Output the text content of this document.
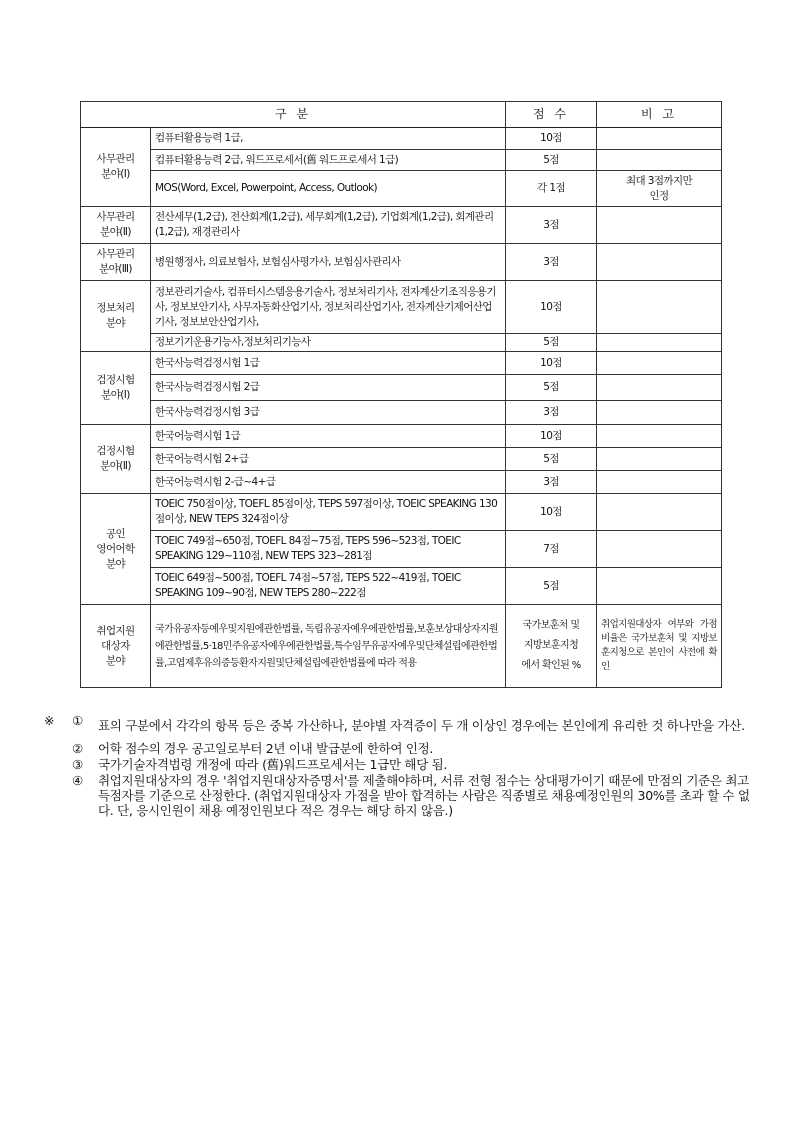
구 분		점 수	비 고

사무관리
분야(Ⅰ)	컴퓨터활용능력 1급,	10점	
	컴퓨터활용능력 2급, 워드프로세서(舊 워드프로세서 1급)	5점	
	MOS(Word, Excel, Powerpoint, Access, Outlook)	각 1점	최대 3점까지만
인정

사무관리
분야(Ⅱ)	전산세무(1,2급), 전산회계(1,2급), 세무회계(1,2급), 기업회계(1,2급), 회계관리(1,2급), 재경관리사	3점	

사무관리
분야(Ⅲ)	병원행정사, 의료보험사, 보험심사평가사, 보험심사관리사	3점	

정보처리
분야	정보관리기술사, 컴퓨터시스템응용기술사, 정보처리기사, 전자계산기조직응용기사, 정보보안기사, 사무자동화산업기사, 정보처리산업기사, 전자계산기제어산업기사, 정보보안산업기사,	10점	
	정보기기운용기능사,정보처리기능사	5점	

검정시험
분야(Ⅰ)	한국사능력검정시험 1급	10점	
	한국사능력검정시험 2급	5점	
	한국사능력검정시험 3급	3점	

검정시험
분야(Ⅱ)	한국어능력시험 1급	10점	
	한국어능력시험 2+급	5점	
	한국어능력시험 2-급~4+급	3점	

공인
영어어학
분야	TOEIC 750점이상, TOEFL 85점이상, TEPS 597점이상, TOEIC SPEAKING 130점이상, NEW TEPS 324점이상	10점	
	TOEIC 749점~650점, TOEFL 84점~75점, TEPS 596~523점, TOEIC SPEAKING 129~110점, NEW TEPS 323~281점	7점	
	TOEIC 649점~500점, TOEFL 74점~57점, TEPS 522~419점, TOEIC SPEAKING 109~90점, NEW TEPS 280~222점	5점	

취업지원
대상자
분야	국가유공자등예우및지원에관한법률, 독립유공자예우에관한법률,보훈보상대상자지원에관한법률,5·18민주유공자예우에관한법률,특수임무유공자예우및단체설립에관한법률,고엽제후유의증등환자지원및단체설립에관한법률에 따라 적용	국가보훈처 및
지방보훈지청
에서 확인된 %	취업지원대상자 여부와 가점비율은 국가보훈처 및 지방보훈지청으로 본인이 사전에 확인
※	①	표의 구분에서 각각의 항목 등은 중복 가산하나, 분야별 자격증이 두 개 이상인 경우에는 본인에게 유리한 것 하나만을 가산.
②	어학 점수의 경우 공고일로부터 2년 이내 발급분에 한하여 인정.
③	국가기술자격법령 개정에 따라 (舊)워드프로세서는 1급만 해당 됨.
④	취업지원대상자의 경우 '취업지원대상자증명서'를 제출해야하며, 서류 전형 점수는 상대평가이기 때문에 만점의 기준은 최고 득점자를 기준으로 산정한다. (취업지원대상자 가점을 받아 합격하는 사람은 직종별로 채용예정인원의 30%를 초과 할 수 없다. 단, 응시인원이 채용 예정인원보다 적은 경우는 해당 하지 않음.)
